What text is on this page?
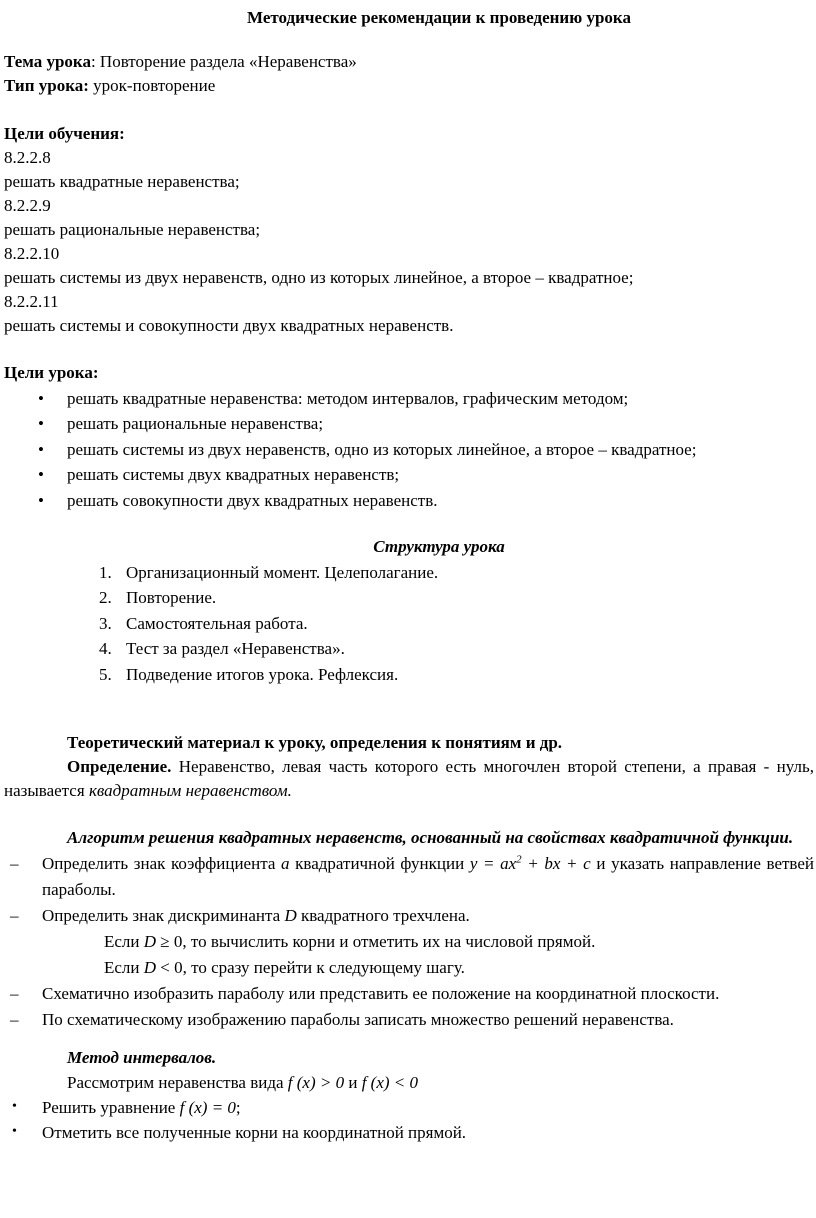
Методические рекомендации к проведению урока

Тема урока: Повторение раздела «Неравенства»

Тип урока: урок-повторение

Цели обучения:

8.2.2.8

решать квадратные неравенства;

8.2.2.9

решать рациональные неравенства;

8.2.2.10

решать системы из двух неравенств, одно из которых линейное, а второе – квадратное;

8.2.2.11

решать системы и совокупности двух квадратных неравенств.

Цели урока:

• решать квадратные неравенства: методом интервалов, графическим методом;

• решать рациональные неравенства;

• решать системы из двух неравенств, одно из которых линейное, а второе – квадратное;

• решать системы двух квадратных неравенств;

• решать совокупности двух квадратных неравенств.

Структура урока

1. Организационный момент. Целеполагание.

2. Повторение.

3. Самостоятельная работа.

4. Тест за раздел «Неравенства».

5. Подведение итогов урока. Рефлексия.

Теоретический материал к уроку, определения к понятиям и др.

Определение. Неравенство, левая часть которого есть многочлен второй степени, а правая - нуль, называется квадратным неравенством.

Алгоритм решения квадратных неравенств, основанный на свойствах квадратичной функции.

– Определить знак коэффициента a квадратичной функции $y = ax^2$ + bx + c и указать направление ветвей параболы.

– Определить знак дискриминанта D квадратного трехчлена.

Если D ≥ 0, то вычислить корни и отметить их на числовой прямой.

Если D < 0, то сразу перейти к следующему шагу.

– Схематично изобразить параболу или представить ее положение на координатной плоскости.

– По схематическому изображению параболы записать множество решений неравенства.

Метод интервалов.

Рассмотрим неравенства вида f (x) > 0 и f (x) < 0

• Решить уравнение f (x) = 0;

• Отметить все полученные корни на координатной прямой.
